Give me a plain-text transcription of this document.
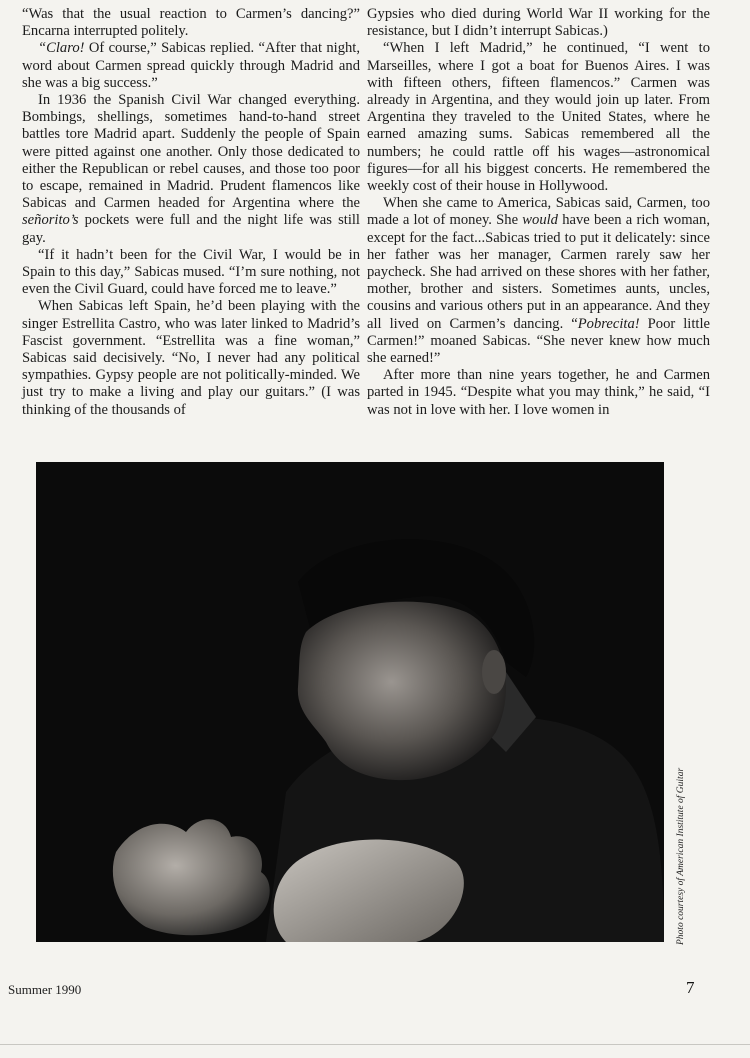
“Was that the usual reaction to Carmen’s dancing?” Encarna interrupted politely.

“Claro! Of course,” Sabicas replied. “After that night, word about Carmen spread quickly through Madrid and she was a big success.”

In 1936 the Spanish Civil War changed everything. Bombings, shellings, sometimes hand-to-hand street battles tore Madrid apart. Suddenly the people of Spain were pitted against one another. Only those dedicated to either the Republican or rebel causes, and those too poor to escape, remained in Madrid. Prudent flamencos like Sabicas and Carmen headed for Argentina where the señorito’s pockets were full and the night life was still gay.

“If it hadn’t been for the Civil War, I would be in Spain to this day,” Sabicas mused. “I’m sure nothing, not even the Civil Guard, could have forced me to leave.”

When Sabicas left Spain, he’d been playing with the singer Estrellita Castro, who was later linked to Madrid’s Fascist government. “Estrellita was a fine woman,” Sabicas said decisively. “No, I never had any political sympathies. Gypsy people are not politically-minded. We just try to make a living and play our guitars.” (I was thinking of the thousands of

Gypsies who died during World War II working for the resistance, but I didn’t interrupt Sabicas.)

“When I left Madrid,” he continued, “I went to Marseilles, where I got a boat for Buenos Aires. I was with fifteen others, fifteen flamencos.” Carmen was already in Argentina, and they would join up later. From Argentina they traveled to the United States, where he earned amazing sums. Sabicas remembered all the numbers; he could rattle off his wages—astronomical figures—for all his biggest concerts. He remembered the weekly cost of their house in Hollywood.

When she came to America, Sabicas said, Carmen, too made a lot of money. She would have been a rich woman, except for the fact...Sabicas tried to put it delicately: since her father was her manager, Carmen rarely saw her paycheck. She had arrived on these shores with her father, mother, brother and sisters. Sometimes aunts, uncles, cousins and various others put in an appearance. And they all lived on Carmen’s dancing. “Pobrecita! Poor little Carmen!” moaned Sabicas. “She never knew how much she earned!”

After more than nine years together, he and Carmen parted in 1945. “Despite what you may think,” he said, “I was not in love with her. I love women in

Photo courtesy of American Institute of Guitar
Summer 1990	7
